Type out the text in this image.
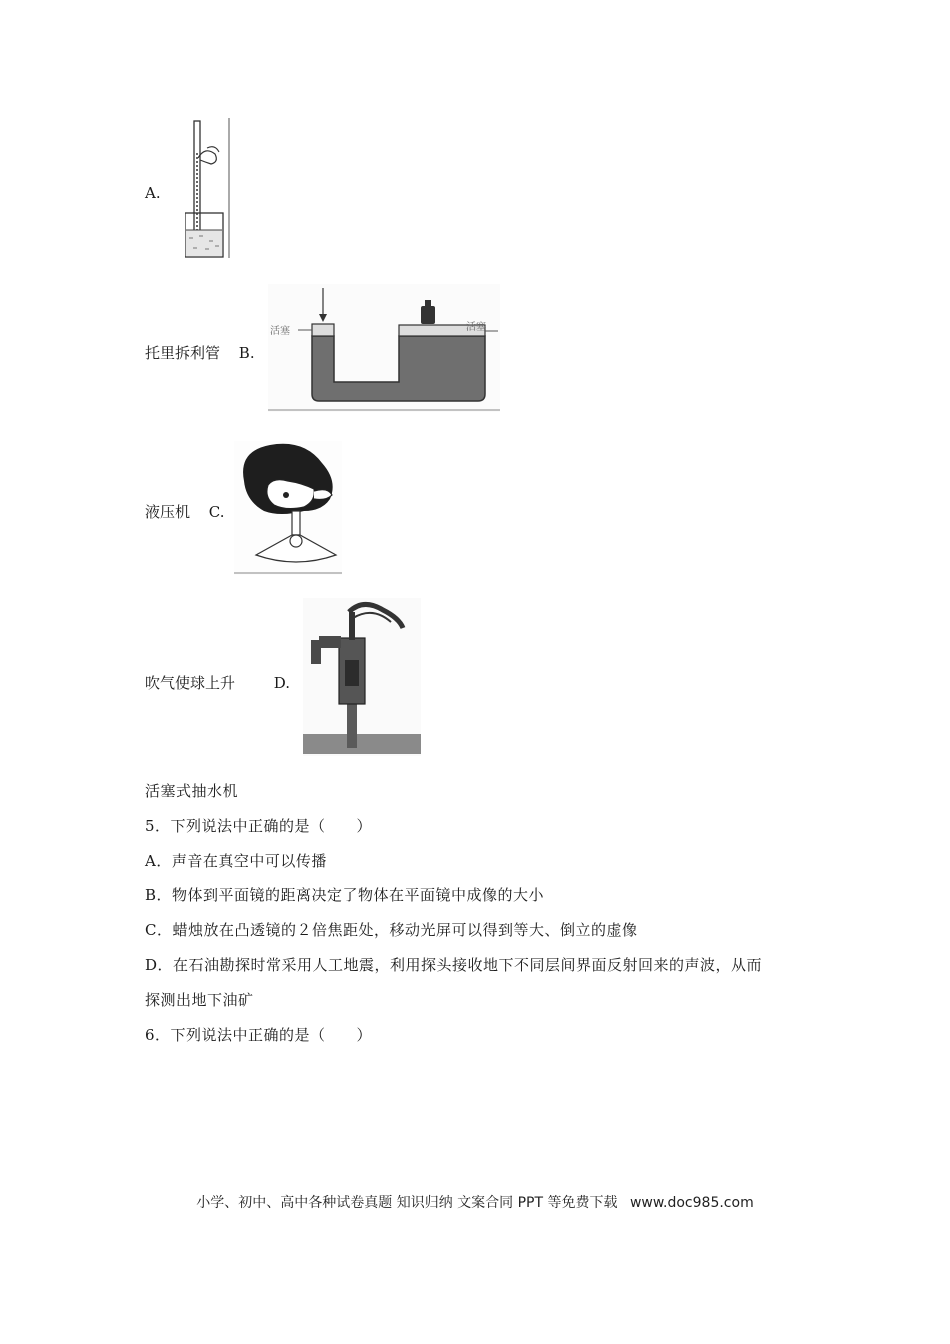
A.
托里拆利管 B.
活塞	活塞
液压机 C.
吹气使球上升	D.
活塞式抽水机
5．下列说法中正确的是（　　）
A．声音在真空中可以传播
B．物体到平面镜的距离决定了物体在平面镜中成像的大小
C．蜡烛放在凸透镜的２倍焦距处，移动光屏可以得到等大、倒立的虚像
D．在石油勘探时常采用人工地震，利用探头接收地下不同层间界面反射回来的声波，从而
探测出地下油矿
6．下列说法中正确的是（　　）
小学、初中、高中各种试卷真题 知识归纳 文案合同 PPT 等免费下载 www.doc985.com
